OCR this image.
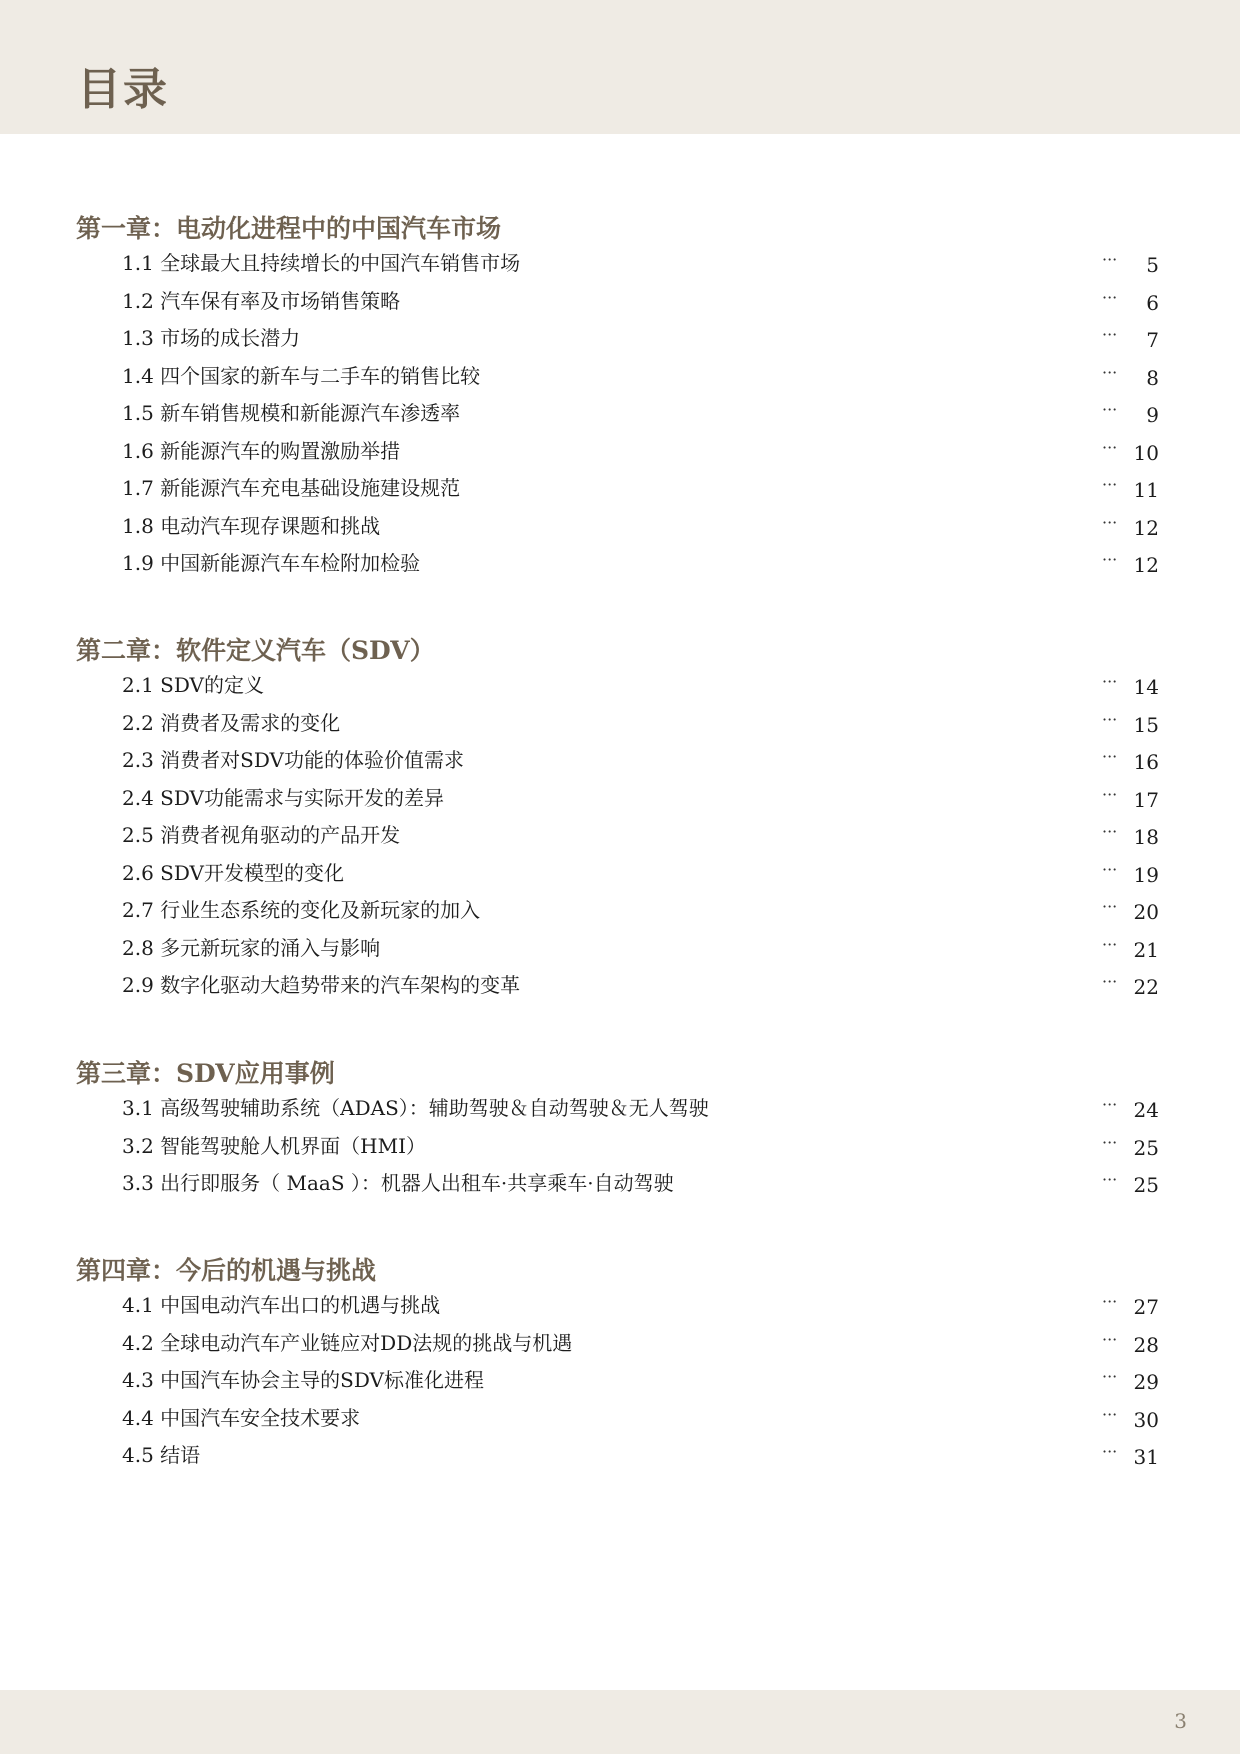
目录
第一章：电动化进程中的中国汽车市场
1.1 全球最大且持续增长的中国汽车销售市场	··· 5
1.2 汽车保有率及市场销售策略	··· 6
1.3 市场的成长潜力	··· 7
1.4 四个国家的新车与二手车的销售比较	··· 8
1.5 新车销售规模和新能源汽车渗透率	··· 9
1.6 新能源汽车的购置激励举措	··· 10
1.7 新能源汽车充电基础设施建设规范	··· 11
1.8 电动汽车现存课题和挑战	··· 12
1.9 中国新能源汽车车检附加检验	··· 12
第二章：软件定义汽车（SDV）
2.1 SDV的定义	··· 14
2.2 消费者及需求的变化	··· 15
2.3 消费者对SDV功能的体验价值需求	··· 16
2.4 SDV功能需求与实际开发的差异	··· 17
2.5 消费者视角驱动的产品开发	··· 18
2.6 SDV开发模型的变化	··· 19
2.7 行业生态系统的变化及新玩家的加入	··· 20
2.8 多元新玩家的涌入与影响	··· 21
2.9 数字化驱动大趋势带来的汽车架构的变革	··· 22
第三章：SDV应用事例
3.1 高级驾驶辅助系统（ADAS）：辅助驾驶＆自动驾驶＆无人驾驶	··· 24
3.2 智能驾驶舱人机界面（HMI）	··· 25
3.3 出行即服务（ MaaS ）：机器人出租车·共享乘车·自动驾驶	··· 25
第四章：今后的机遇与挑战
4.1 中国电动汽车出口的机遇与挑战	··· 27
4.2 全球电动汽车产业链应对DD法规的挑战与机遇	··· 28
4.3 中国汽车协会主导的SDV标准化进程	··· 29
4.4 中国汽车安全技术要求	··· 30
4.5 结语	··· 31
3
